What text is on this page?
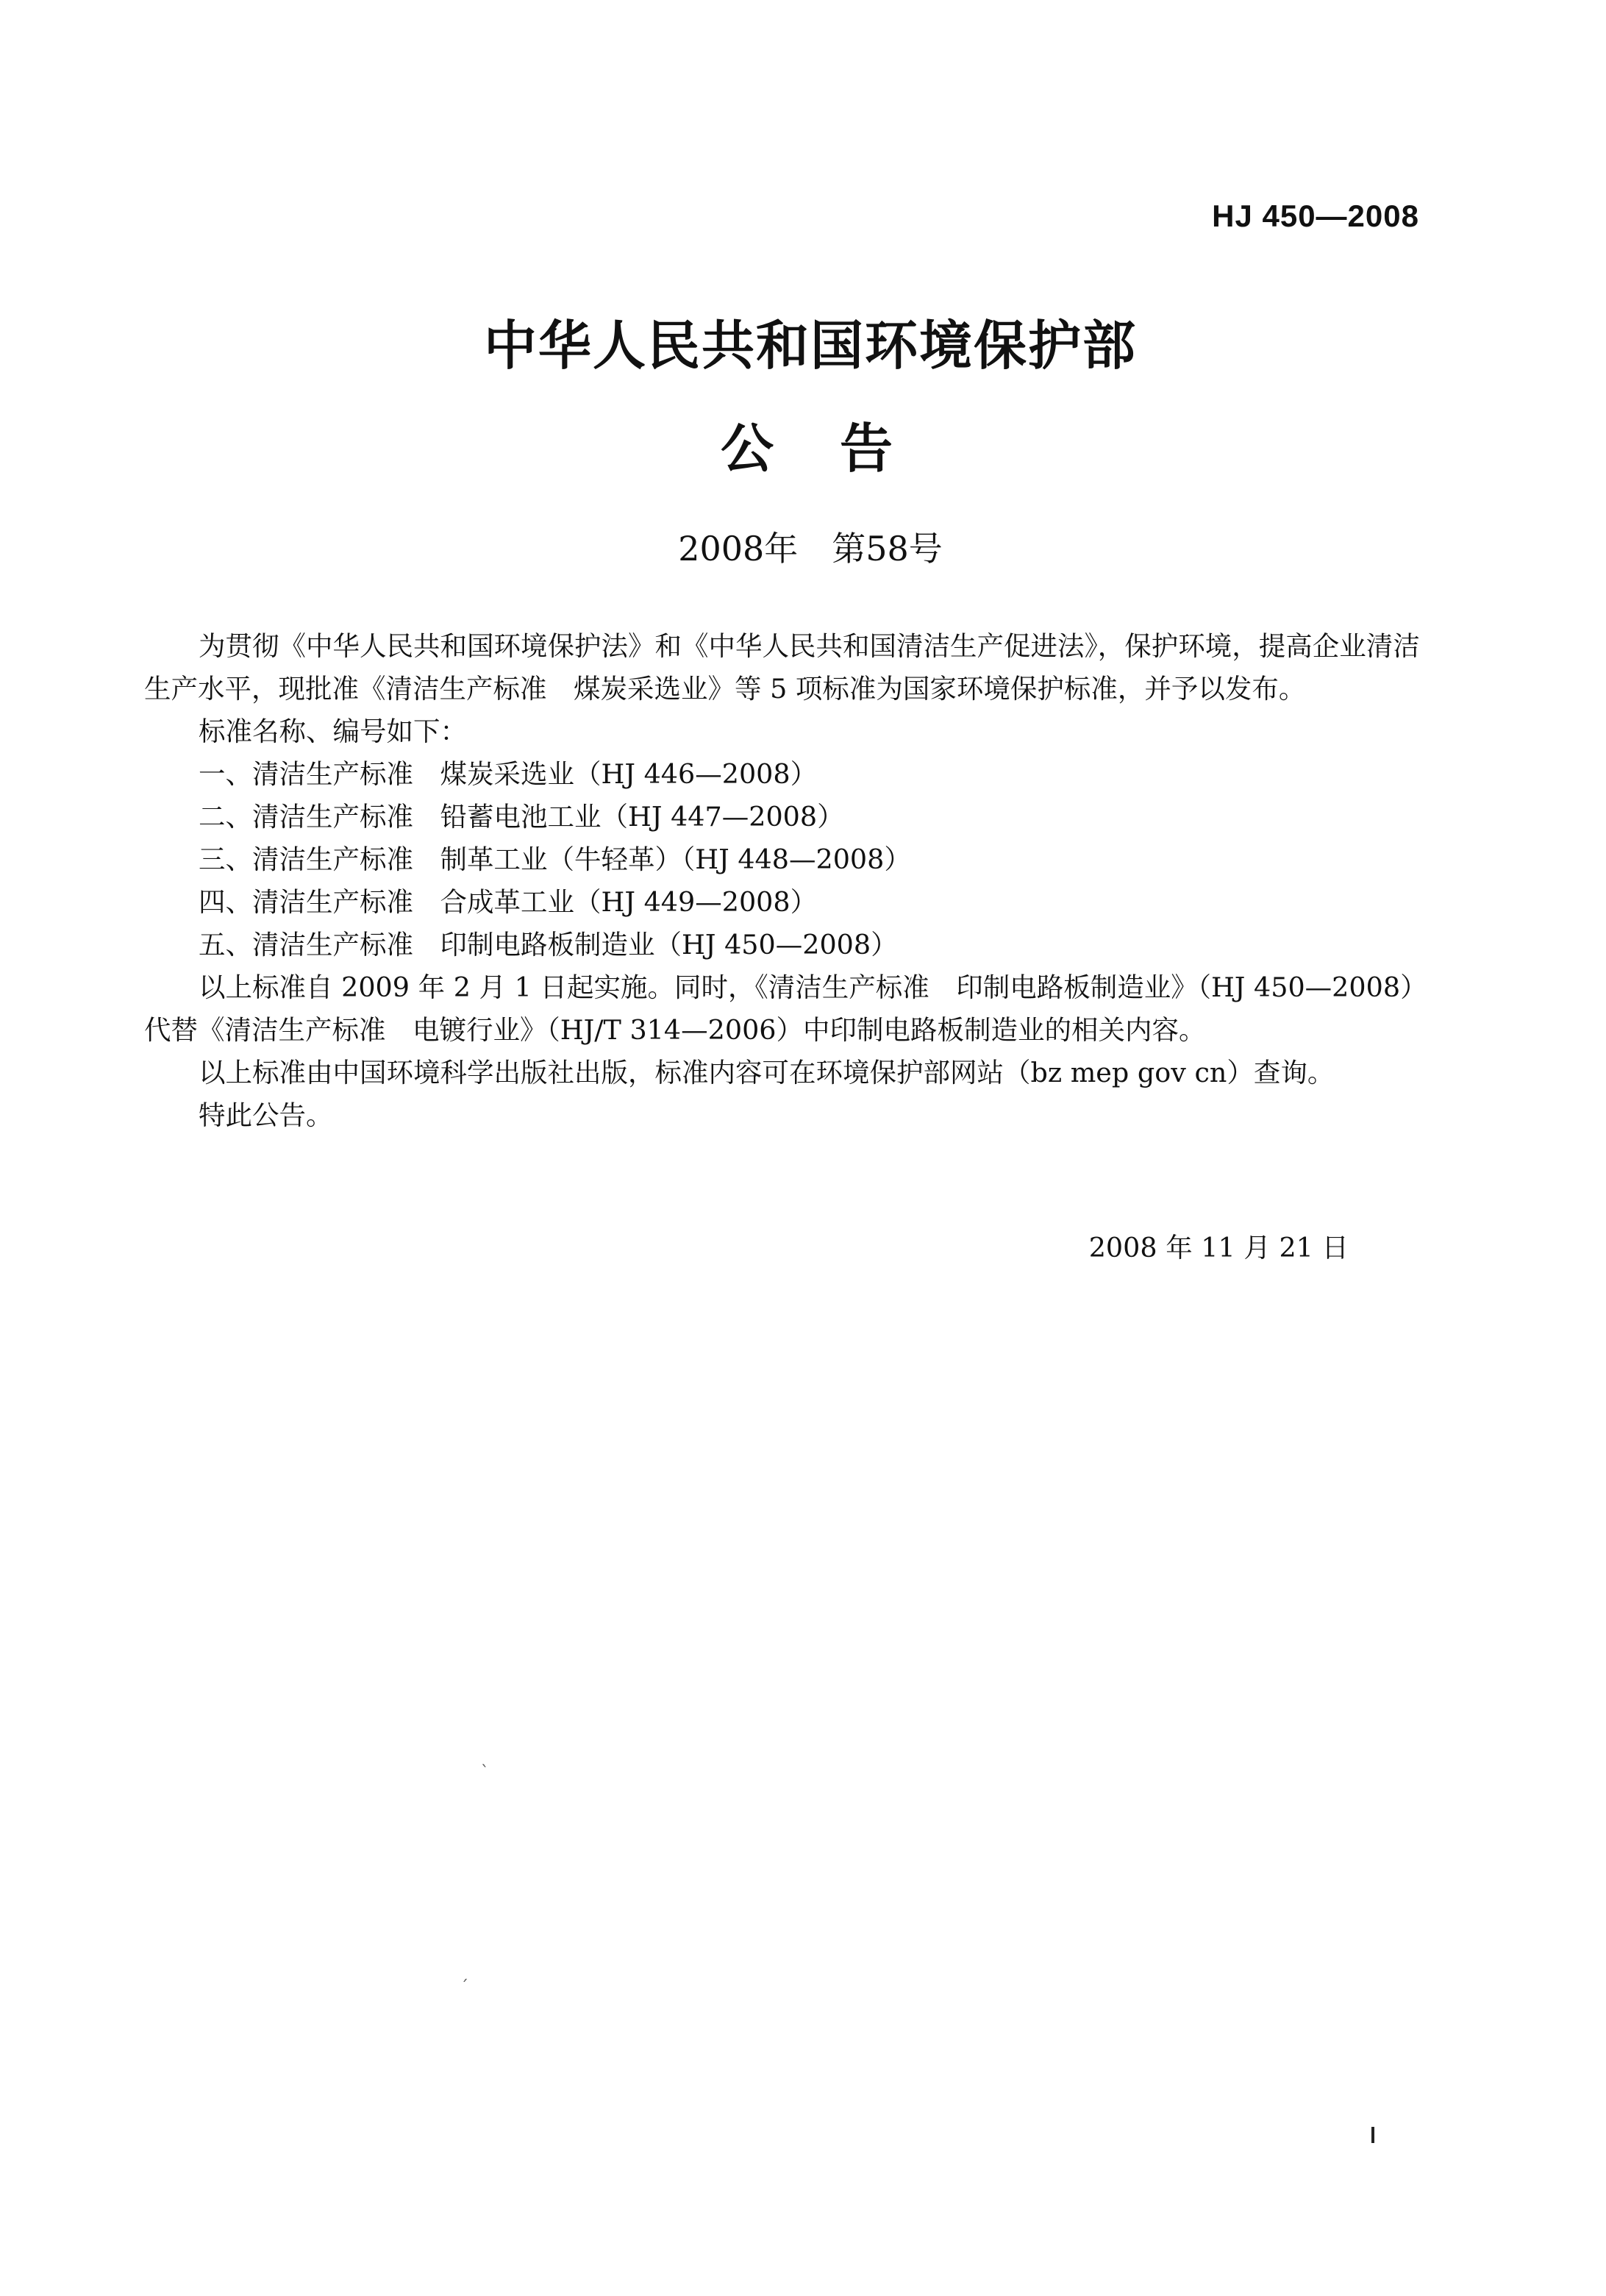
HJ 450—2008
中华人民共和国环境保护部
公告
2008年　第58号

为贯彻《中华人民共和国环境保护法》和《中华人民共和国清洁生产促进法》，保护环境，提高企业清洁生产水平，现批准《清洁生产标准　煤炭采选业》等 5 项标准为国家环境保护标准，并予以发布。

标准名称、编号如下：

一、清洁生产标准　煤炭采选业（HJ 446—2008）

二、清洁生产标准　铅蓄电池工业（HJ 447—2008）

三、清洁生产标准　制革工业（牛轻革）（HJ 448—2008）

四、清洁生产标准　合成革工业（HJ 449—2008）

五、清洁生产标准　印制电路板制造业（HJ 450—2008）

以上标准自 2009 年 2 月 1 日起实施。同时，《清洁生产标准　印制电路板制造业》（HJ 450—2008）代替《清洁生产标准　电镀行业》（HJ/T 314—2006）中印制电路板制造业的相关内容。

以上标准由中国环境科学出版社出版，标准内容可在环境保护部网站（bz mep gov cn）查询。

特此公告。

2008 年 11 月 21 日
ˋ
ˊ
